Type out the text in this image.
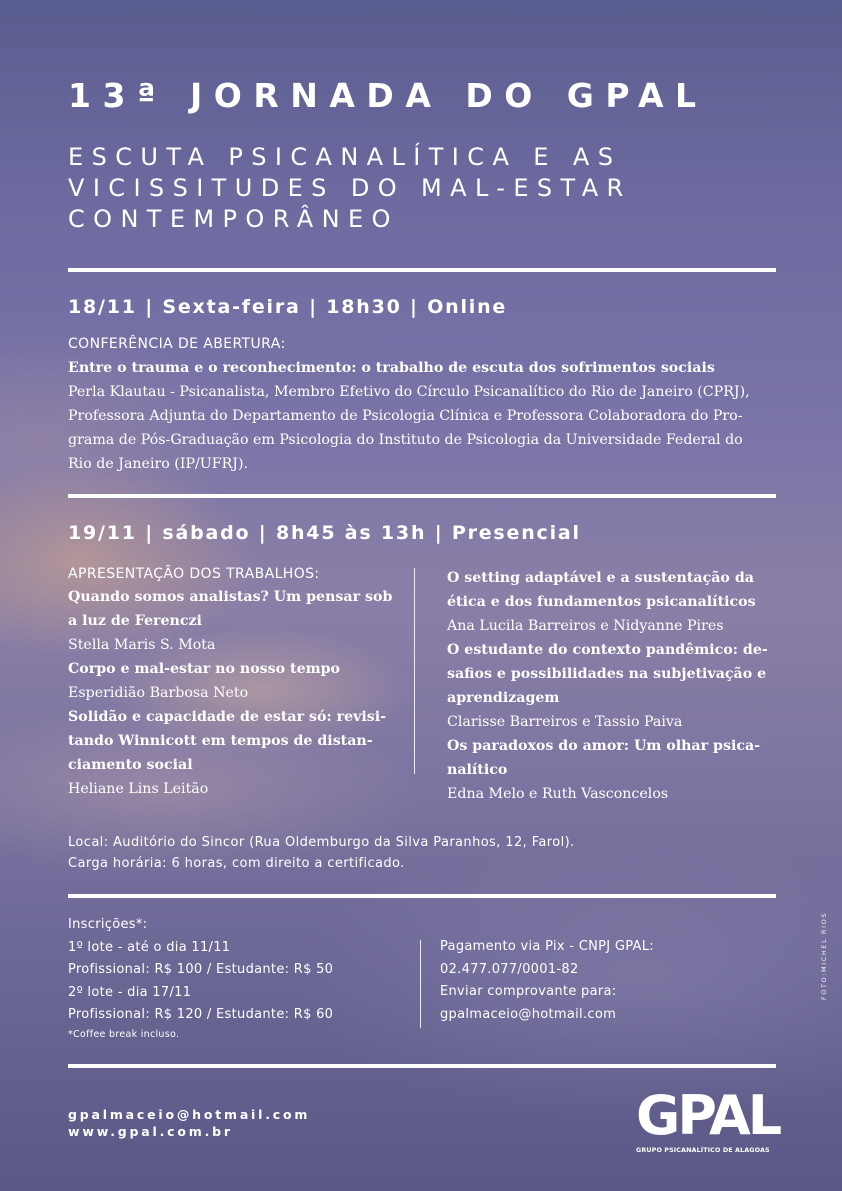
13ª JORNADA DO GPAL
ESCUTA PSICANALÍTICA E AS
VICISSITUDES DO MAL-ESTAR
CONTEMPORÂNEO
18/11 | Sexta-feira | 18h30 | Online
CONFERÊNCIA DE ABERTURA:
Entre o trauma e o reconhecimento: o trabalho de escuta dos sofrimentos sociais
Perla Klautau - Psicanalista, Membro Efetivo do Círculo Psicanalítico do Rio de Janeiro (CPRJ),
Professora Adjunta do Departamento de Psicologia Clínica e Professora Colaboradora do Pro-
grama de Pós-Graduação em Psicologia do Instituto de Psicologia da Universidade Federal do
Rio de Janeiro (IP/UFRJ).
19/11 | sábado | 8h45 às 13h | Presencial
APRESENTAÇÃO DOS TRABALHOS:
Quando somos analistas? Um pensar sob
a luz de Ferenczi
Stella Maris S. Mota
Corpo e mal-estar no nosso tempo
Esperidião Barbosa Neto
Solidão e capacidade de estar só: revisi-
tando Winnicott em tempos de distan-
ciamento social
Heliane Lins Leitão
O setting adaptável e a sustentação da
ética e dos fundamentos psicanalíticos
Ana Lucila Barreiros e Nidyanne Pires
O estudante do contexto pandêmico: de-
safios e possibilidades na subjetivação e
aprendizagem
Clarisse Barreiros e Tassio Paiva
Os paradoxos do amor: Um olhar psica-
nalítico
Edna Melo e Ruth Vasconcelos
Local: Auditório do Sincor (Rua Oldemburgo da Silva Paranhos, 12, Farol).
Carga horária: 6 horas, com direito a certificado.
Inscrições*:
1º lote - até o dia 11/11
Profissional: R$ 100 / Estudante: R$ 50
2º lote - dia 17/11
Profissional: R$ 120 / Estudante: R$ 60
*Coffee break incluso.
Pagamento via Pix - CNPJ GPAL:
02.477.077/0001-82
Enviar comprovante para:
gpalmaceio@hotmail.com
gpalmaceio@hotmail.com
www.gpal.com.br	GPAL
GRUPO PSICANALÍTICO DE ALAGOAS
FOTO:MICHEL RIOS
